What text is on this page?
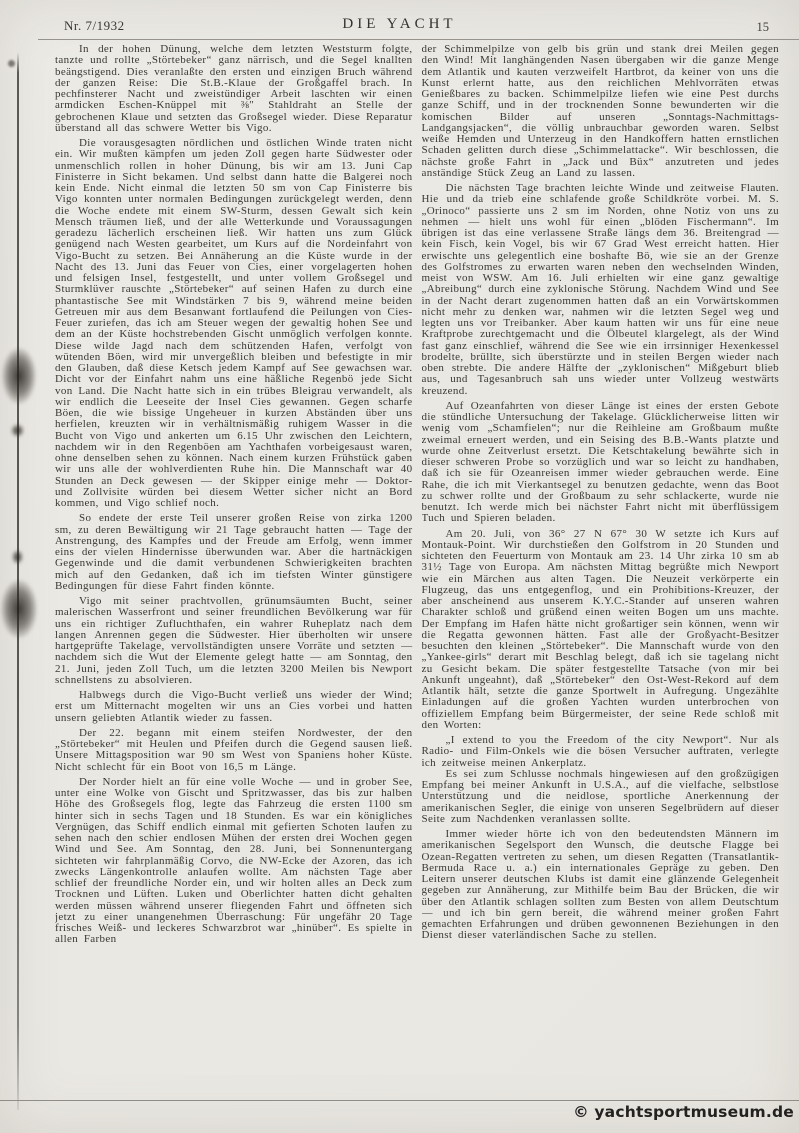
Nr. 7/1932	DIE YACHT	15

In der hohen Dünung, welche dem letzten Weststurm folgte, tanzte und rollte „Störtebeker“ ganz närrisch, und die Segel knallten beängstigend. Dies veranlaßte den ersten und einzigen Bruch während der ganzen Reise: Die St.B.-Klaue der Großgaffel brach. In pechfinsterer Nacht und zweistündiger Arbeit laschten wir einen armdicken Eschen-Knüppel mit ⅜″ Stahldraht an Stelle der gebrochenen Klaue und setzten das Großsegel wieder. Diese Reparatur überstand all das schwere Wetter bis Vigo.

Die vorausgesagten nördlichen und östlichen Winde traten nicht ein. Wir mußten kämpfen um jeden Zoll gegen harte Südwester oder unmenschlich rollen in hoher Dünung, bis wir am 13. Juni Cap Finisterre in Sicht bekamen. Und selbst dann hatte die Balgerei noch kein Ende. Nicht einmal die letzten 50 sm von Cap Finisterre bis Vigo konnten unter normalen Bedingungen zurückgelegt werden, denn die Woche endete mit einem SW-Sturm, dessen Gewalt sich kein Mensch träumen ließ, und der alle Wetterkunde und Voraussagungen geradezu lächerlich erscheinen ließ. Wir hatten uns zum Glück genügend nach Westen gearbeitet, um Kurs auf die Nordeinfahrt von Vigo-Bucht zu setzen. Bei Annäherung an die Küste wurde in der Nacht des 13. Juni das Feuer von Cies, einer vorgelagerten hohen und felsigen Insel, festgestellt, und unter vollem Großsegel und Sturmklüver rauschte „Störtebeker“ auf seinen Hafen zu durch eine phantastische See mit Windstärken 7 bis 9, während meine beiden Getreuen mir aus dem Besanwant fortlaufend die Peilungen von Cies-Feuer zuriefen, das ich am Steuer wegen der gewaltig hohen See und dem an der Küste hochstrebenden Gischt unmöglich verfolgen konnte. Diese wilde Jagd nach dem schützenden Hafen, verfolgt von wütenden Böen, wird mir unvergeßlich bleiben und befestigte in mir den Glauben, daß diese Ketsch jedem Kampf auf See gewachsen war. Dicht vor der Einfahrt nahm uns eine häßliche Regenbö jede Sicht von Land. Die Nacht hatte sich in ein trübes Bleigrau verwandelt, als wir endlich die Leeseite der Insel Cies gewannen. Gegen scharfe Böen, die wie bissige Ungeheuer in kurzen Abständen über uns herfielen, kreuzten wir in verhältnismäßig ruhigem Wasser in die Bucht von Vigo und ankerten um 6.15 Uhr zwischen den Leichtern, nachdem wir in den Regenböen am Yachthafen vorbeigesaust waren, ohne denselben sehen zu können. Nach einem kurzen Frühstück gaben wir uns alle der wohlverdienten Ruhe hin. Die Mannschaft war 40 Stunden an Deck gewesen — der Skipper einige mehr — Doktor- und Zollvisite würden bei diesem Wetter sicher nicht an Bord kommen, und Vigo schlief noch.

So endete der erste Teil unserer großen Reise von zirka 1200 sm, zu deren Bewältigung wir 21 Tage gebraucht hatten — Tage der Anstrengung, des Kampfes und der Freude am Erfolg, wenn immer eins der vielen Hindernisse überwunden war. Aber die hartnäckigen Gegenwinde und die damit verbundenen Schwierigkeiten brachten mich auf den Gedanken, daß ich im tiefsten Winter günstigere Bedingungen für diese Fahrt finden könnte.

Vigo mit seiner prachtvollen, grünumsäumten Bucht, seiner malerischen Wasserfront und seiner freundlichen Bevölkerung war für uns ein richtiger Zufluchthafen, ein wahrer Ruheplatz nach dem langen Anrennen gegen die Südwester. Hier überholten wir unsere hartgeprüfte Takelage, vervollständigten unsere Vorräte und setzten — nachdem sich die Wut der Elemente gelegt hatte — am Sonntag, den 21. Juni, jeden Zoll Tuch, um die letzten 3200 Meilen bis Newport schnellstens zu absolvieren.

Halbwegs durch die Vigo-Bucht verließ uns wieder der Wind; erst um Mitternacht mogelten wir uns an Cies vorbei und hatten unsern geliebten Atlantik wieder zu fassen.

Der 22. begann mit einem steifen Nordwester, der den „Störtebeker“ mit Heulen und Pfeifen durch die Gegend sausen ließ. Unsere Mittagsposition war 90 sm West von Spaniens hoher Küste. Nicht schlecht für ein Boot von 16,5 m Länge.

Der Norder hielt an für eine volle Woche — und in grober See, unter eine Wolke von Gischt und Spritzwasser, das bis zur halben Höhe des Großsegels flog, legte das Fahrzeug die ersten 1100 sm hinter sich in sechs Tagen und 18 Stunden. Es war ein königliches Vergnügen, das Schiff endlich einmal mit gefierten Schoten laufen zu sehen nach den schier endlosen Mühen der ersten drei Wochen gegen Wind und See. Am Sonntag, den 28. Juni, bei Sonnenuntergang sichteten wir fahrplanmäßig Corvo, die NW-Ecke der Azoren, das ich zwecks Längenkontrolle anlaufen wollte. Am nächsten Tage aber schlief der freundliche Norder ein, und wir holten alles an Deck zum Trocknen und Lüften. Luken und Oberlichter hatten dicht gehalten werden müssen während unserer fliegenden Fahrt und öffneten sich jetzt zu einer unangenehmen Überraschung: Für ungefähr 20 Tage frisches Weiß- und leckeres Schwarzbrot war „hinüber“. Es spielte in allen Farben

der Schimmelpilze von gelb bis grün und stank drei Meilen gegen den Wind! Mit langhängenden Nasen übergaben wir die ganze Menge dem Atlantik und kauten verzweifelt Hartbrot, da keiner von uns die Kunst erlernt hatte, aus den reichlichen Mehlvorräten etwas Genießbares zu backen. Schimmelpilze liefen wie eine Pest durchs ganze Schiff, und in der trocknenden Sonne bewunderten wir die komischen Bilder auf unseren „Sonntags-Nachmittags-Landgangsjacken“, die völlig unbrauchbar geworden waren. Selbst weiße Hemden und Unterzeug in den Handkoffern hatten ernstlichen Schaden gelitten durch diese „Schimmelattacke“. Wir beschlossen, die nächste große Fahrt in „Jack und Büx“ anzutreten und jedes anständige Stück Zeug an Land zu lassen.

Die nächsten Tage brachten leichte Winde und zeitweise Flauten. Hie und da trieb eine schlafende große Schildkröte vorbei. M. S. „Orinoco“ passierte uns 2 sm im Norden, ohne Notiz von uns zu nehmen — hielt uns wohl für einen „blöden Fischermann“. Im übrigen ist das eine verlassene Straße längs dem 36. Breitengrad — kein Fisch, kein Vogel, bis wir 67 Grad West erreicht hatten. Hier erwischte uns gelegentlich eine boshafte Bö, wie sie an der Grenze des Golfstromes zu erwarten waren neben den wechselnden Winden, meist von WSW. Am 16. Juli erhielten wir eine ganz gewaltige „Abreibung“ durch eine zyklonische Störung. Nachdem Wind und See in der Nacht derart zugenommen hatten daß an ein Vorwärtskommen nicht mehr zu denken war, nahmen wir die letzten Segel weg und legten uns vor Treibanker. Aber kaum hatten wir uns für eine neue Kraftprobe zurechtgemacht und die Ölbeutel klargelegt, als der Wind fast ganz einschlief, während die See wie ein irrsinniger Hexenkessel brodelte, brüllte, sich überstürzte und in steilen Bergen wieder nach oben strebte. Die andere Hälfte der „zyklonischen“ Mißgeburt blieb aus, und Tagesanbruch sah uns wieder unter Vollzeug westwärts kreuzend.

Auf Ozeanfahrten von dieser Länge ist eines der ersten Gebote die stündliche Untersuchung der Takelage. Glücklicherweise litten wir wenig vom „Schamfielen“; nur die Reihleine am Großbaum mußte zweimal erneuert werden, und ein Seising des B.B.-Wants platzte und wurde ohne Zeitverlust ersetzt. Die Ketschtakelung bewährte sich in dieser schweren Probe so vorzüglich und war so leicht zu handhaben, daß ich sie für Ozeanreisen immer wieder gebrauchen werde. Eine Rahe, die ich mit Vierkantsegel zu benutzen gedachte, wenn das Boot zu schwer rollte und der Großbaum zu sehr schlackerte, wurde nie benutzt. Ich werde mich bei nächster Fahrt nicht mit überflüssigem Tuch und Spieren beladen.

Am 20. Juli, von 36° 27 N 67° 30 W setzte ich Kurs auf Montauk-Point. Wir durchstießen den Golfstrom in 20 Stunden und sichteten den Feuerturm von Montauk am 23. 14 Uhr zirka 10 sm ab 31½ Tage von Europa. Am nächsten Mittag begrüßte mich Newport wie ein Märchen aus alten Tagen. Die Neuzeit verkörperte ein Flugzeug, das uns entgegenflog, und ein Prohibitions-Kreuzer, der aber anscheinend aus unserem K.Y.C.-Stander auf unseren wahren Charakter schloß und grüßend einen weiten Bogen um uns machte. Der Empfang im Hafen hätte nicht großartiger sein können, wenn wir die Regatta gewonnen hätten. Fast alle der Großyacht-Besitzer besuchten den kleinen „Störtebeker“. Die Mannschaft wurde von den „Yankee-girls“ derart mit Beschlag belegt, daß ich sie tagelang nicht zu Gesicht bekam. Die später festgestellte Tatsache (von mir bei Ankunft ungeahnt), daß „Störtebeker“ den Ost-West-Rekord auf dem Atlantik hält, setzte die ganze Sportwelt in Aufregung. Ungezählte Einladungen auf die großen Yachten wurden unterbrochen von offiziellem Empfang beim Bürgermeister, der seine Rede schloß mit den Worten:

„I extend to you the Freedom of the city Newport“. Nur als Radio- und Film-Onkels wie die bösen Versucher auftraten, verlegte ich zeitweise meinen Ankerplatz.

Es sei zum Schlusse nochmals hingewiesen auf den großzügigen Empfang bei meiner Ankunft in U.S.A., auf die vielfache, selbstlose Unterstützung und die neidlose, sportliche Anerkennung der amerikanischen Segler, die einige von unseren Segelbrüdern auf dieser Seite zum Nachdenken veranlassen sollte.

Immer wieder hörte ich von den bedeutendsten Männern im amerikanischen Segelsport den Wunsch, die deutsche Flagge bei Ozean-Regatten vertreten zu sehen, um diesen Regatten (Transatlantik-Bermuda Race u. a.) ein internationales Gepräge zu geben. Den Leitern unserer deutschen Klubs ist damit eine glänzende Gelegenheit gegeben zur Annäherung, zur Mithilfe beim Bau der Brücken, die wir über den Atlantik schlagen sollten zum Besten von allem Deutschtum — und ich bin gern bereit, die während meiner großen Fahrt gemachten Erfahrungen und drüben gewonnenen Beziehungen in den Dienst dieser vaterländischen Sache zu stellen.

© yachtsportmuseum.de
